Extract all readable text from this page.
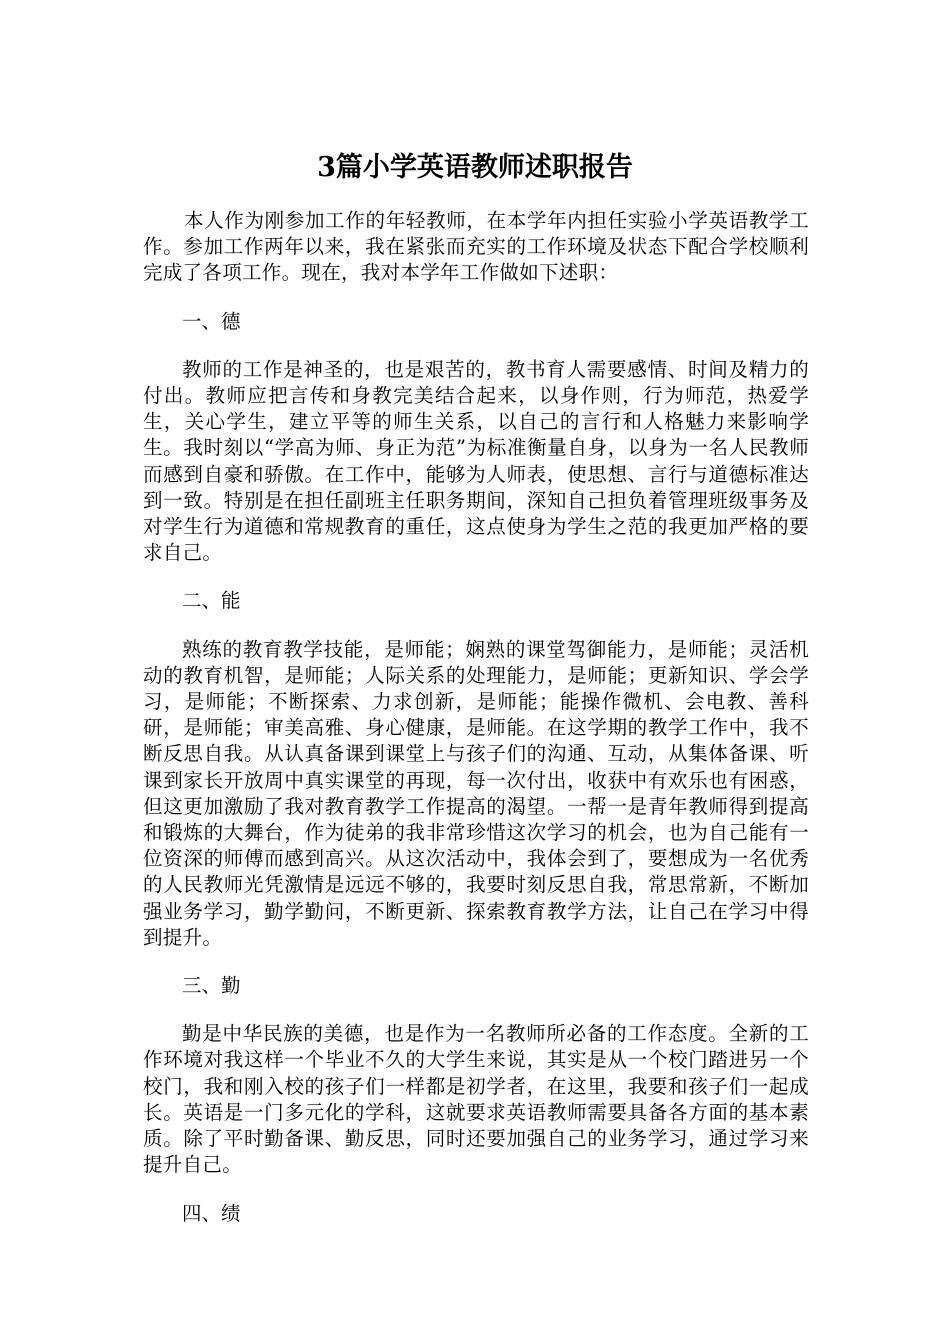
3篇小学英语教师述职报告

本人作为刚参加工作的年轻教师，在本学年内担任实验小学英语教学工作。参加工作两年以来，我在紧张而充实的工作环境及状态下配合学校顺利完成了各项工作。现在，我对本学年工作做如下述职：

一、德

教师的工作是神圣的，也是艰苦的，教书育人需要感情、时间及精力的付出。教师应把言传和身教完美结合起来，以身作则，行为师范，热爱学生，关心学生，建立平等的师生关系，以自己的言行和人格魅力来影响学生。我时刻以“学高为师、身正为范”为标准衡量自身，以身为一名人民教师而感到自豪和骄傲。在工作中，能够为人师表，使思想、言行与道德标准达到一致。特别是在担任副班主任职务期间，深知自己担负着管理班级事务及对学生行为道德和常规教育的重任，这点使身为学生之范的我更加严格的要求自己。

二、能

熟练的教育教学技能，是师能；娴熟的课堂驾御能力，是师能；灵活机动的教育机智，是师能；人际关系的处理能力，是师能；更新知识、学会学习，是师能；不断探索、力求创新，是师能；能操作微机、会电教、善科研，是师能；审美高雅、身心健康，是师能。在这学期的教学工作中，我不断反思自我。从认真备课到课堂上与孩子们的沟通、互动，从集体备课、听课到家长开放周中真实课堂的再现，每一次付出，收获中有欢乐也有困惑，但这更加激励了我对教育教学工作提高的渴望。一帮一是青年教师得到提高和锻炼的大舞台，作为徒弟的我非常珍惜这次学习的机会，也为自己能有一位资深的师傅而感到高兴。从这次活动中，我体会到了，要想成为一名优秀的人民教师光凭激情是远远不够的，我要时刻反思自我，常思常新，不断加强业务学习，勤学勤问，不断更新、探索教育教学方法，让自己在学习中得到提升。

三、勤

勤是中华民族的美德，也是作为一名教师所必备的工作态度。全新的工作环境对我这样一个毕业不久的大学生来说，其实是从一个校门踏进另一个校门，我和刚入校的孩子们一样都是初学者，在这里，我要和孩子们一起成长。英语是一门多元化的学科，这就要求英语教师需要具备各方面的基本素质。除了平时勤备课、勤反思，同时还要加强自己的业务学习，通过学习来提升自己。

四、绩
